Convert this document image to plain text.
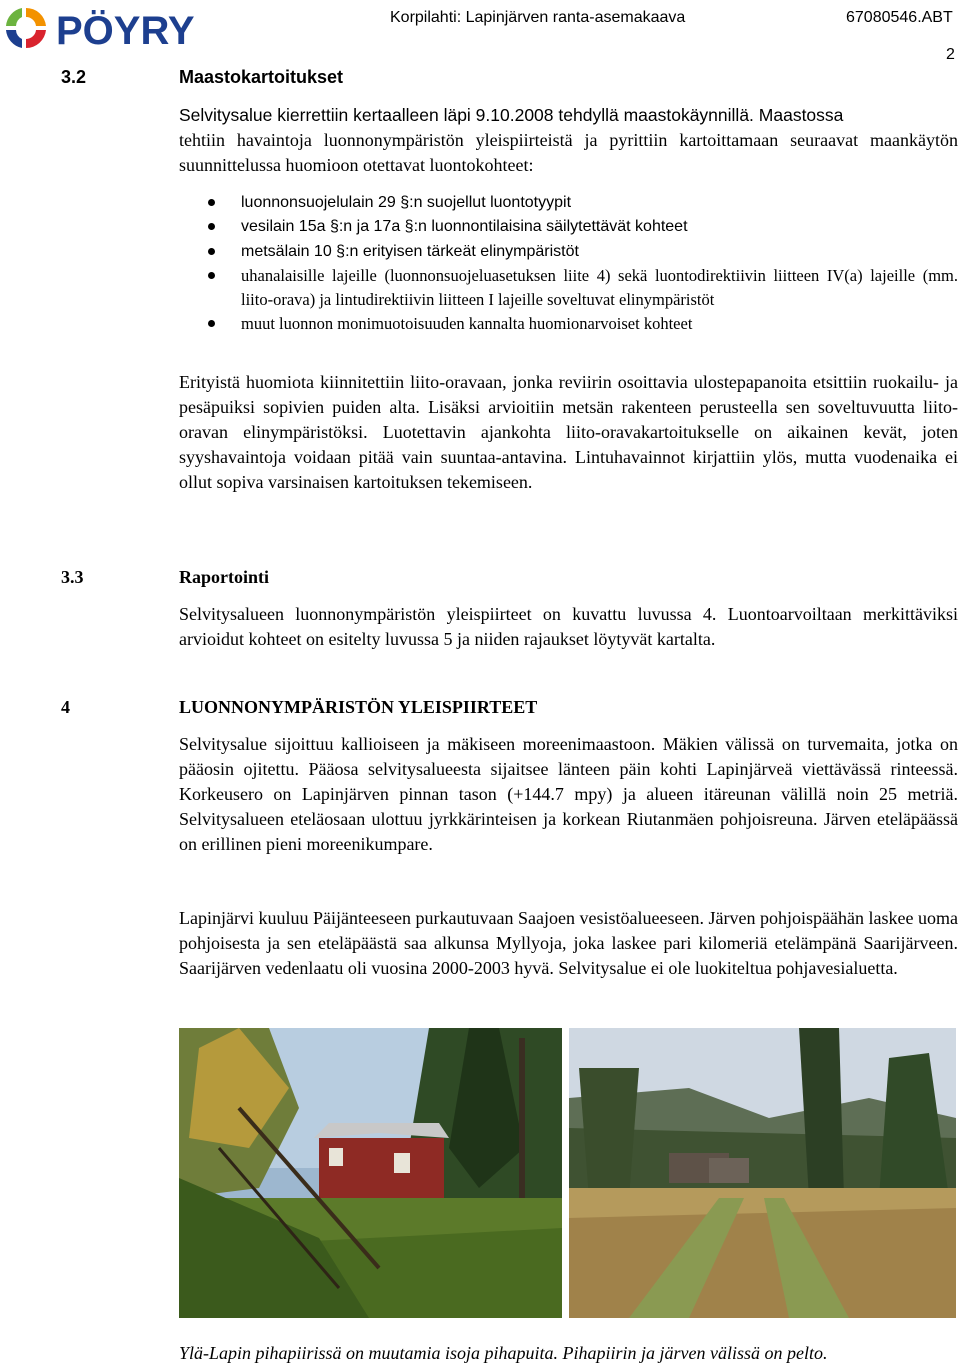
PÖYRY	Korpilahti: Lapinjärven ranta-asemakaava	67080546.ABT
2
3.2	Maastokartoitukset
Selvitysalue kierrettiin kertaalleen läpi 9.10.2008 tehdyllä maastokäynnillä. Maastossa

tehtiin havaintoja luonnonympäristön yleispiirteistä ja pyrittiin kartoittamaan seuraavat maankäytön suunnittelussa huomioon otettavat luontokohteet:

luonnonsuojelulain 29 §:n suojellut luontotyypit
vesilain 15a §:n ja 17a §:n luonnontilaisina säilytettävät kohteet
metsälain 10 §:n erityisen tärkeät elinympäristöt
uhanalaisille lajeille (luonnonsuojeluasetuksen liite 4) sekä luontodirektiivin liitteen IV(a) lajeille (mm. liito-orava) ja lintudirektiivin liitteen I lajeille soveltuvat elinympäristöt
muut luonnon monimuotoisuuden kannalta huomionarvoiset kohteet

Erityistä huomiota kiinnitettiin liito-oravaan, jonka reviirin osoittavia ulostepapanoita etsittiin ruokailu- ja pesäpuiksi sopivien puiden alta. Lisäksi arvioitiin metsän rakenteen perusteella sen soveltuvuutta liito-oravan elinympäristöksi. Luotettavin ajankohta liito-oravakartoitukselle on aikainen kevät, joten syyshavaintoja voidaan pitää vain suuntaa-antavina. Lintuhavainnot kirjattiin ylös, mutta vuodenaika ei ollut sopiva varsinaisen kartoituksen tekemiseen.

3.3	Raportointi

Selvitysalueen luonnonympäristön yleispiirteet on kuvattu luvussa 4. Luontoarvoiltaan merkittäviksi arvioidut kohteet on esitelty luvussa 5 ja niiden rajaukset löytyvät kartalta.

4	LUONNONYMPÄRISTÖN YLEISPIIRTEET

Selvitysalue sijoittuu kallioiseen ja mäkiseen moreenimaastoon. Mäkien välissä on turvemaita, jotka on pääosin ojitettu. Pääosa selvitysalueesta sijaitsee länteen päin kohti Lapinjärveä viettävässä rinteessä. Korkeusero on Lapinjärven pinnan tason (+144.7 mpy) ja alueen itäreunan välillä noin 25 metriä. Selvitysalueen eteläosaan ulottuu jyrkkärinteisen ja korkean Riutanmäen pohjoisreuna. Järven eteläpäässä on erillinen pieni moreenikumpare.

Lapinjärvi kuuluu Päijänteeseen purkautuvaan Saajoen vesistöalueeseen. Järven pohjoispäähän laskee uoma pohjoisesta ja sen eteläpäästä saa alkunsa Myllyoja, joka laskee pari kilomeriä etelämpänä Saarijärveen. Saarijärven vedenlaatu oli vuosina 2000-2003 hyvä. Selvitysalue ei ole luokiteltua pohjavesialuetta.

Ylä-Lapin pihapiirissä on muutamia isoja pihapuita. Pihapiirin ja järven välissä on pelto.
